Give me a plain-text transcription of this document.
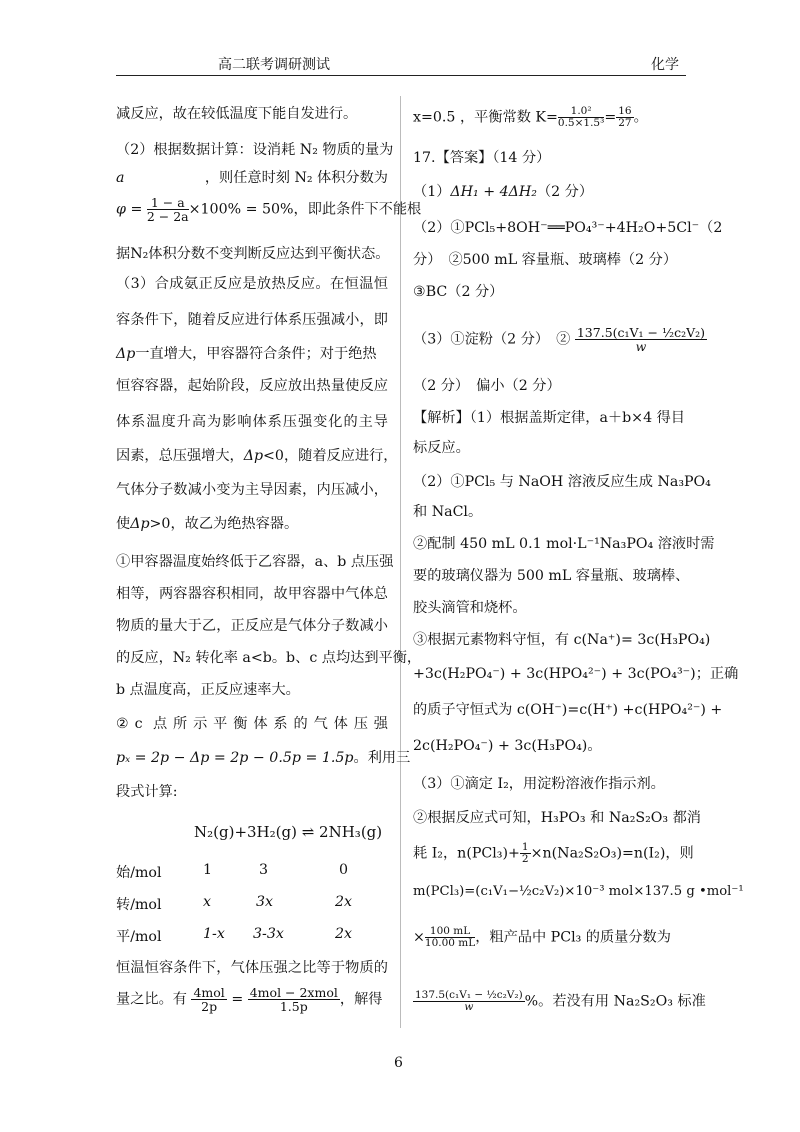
高二联考调研测试	化学
减反应，故在较低温度下能自发进行。
（2）根据数据计算：设消耗 N₂ 物质的量为
a	，则任意时刻 N₂ 体积分数为
$\varphi = \frac{1 - a}{2 - 2a} \times 100\% = 50\%$，即此条件下不能根
据N₂体积分数不变判断反应达到平衡状态。
（3）合成氨正反应是放热反应。在恒温恒
容条件下，随着反应进行体系压强减小，即
Δp一直增大，甲容器符合条件；对于绝热
恒容容器，起始阶段，反应放出热量使反应
体系温度升高为影响体系压强变化的主导
因素，总压强增大，Δp<0，随着反应进行，
气体分子数减小变为主导因素，内压减小，
使Δp>0，故乙为绝热容器。
①甲容器温度始终低于乙容器，a、b 点压强
相等，两容器容积相同，故甲容器中气体总
物质的量大于乙，正反应是气体分子数减小
的反应，N₂ 转化率 a<b。b、c 点均达到平衡，
b 点温度高，正反应速率大。
②c 点所示平衡体系的气体压强
pₓ = 2p − Δp = 2p − 0.5p = 1.5p。利用三
段式计算:
N₂(g)+3H₂(g) ⇌ 2NH₃(g)
始/mol	1	3	0
转/mol	x	3x	2x
平/mol	1-x 3-3x	2x
恒温恒容条件下，气体压强之比等于物质的
量之比。有 $\frac{\text{4mol}}{2p} = \frac{\text{4mol − 2xmol}}{1.5p}$ ，解得
x=0.5 ，平衡常数 $K= \frac{\text{1.0²}}{\text{0.5×1.5³}} = \frac{16}{27}$ 。
17.【答案】（14 分）
（1）ΔH₁ + 4ΔH₂（2 分）
（2）①PCl₅+8OH⁻══PO₄³⁻+4H₂O+5Cl⁻（2
分）　②500 mL 容量瓶、玻璃棒（2 分）
③BC（2 分）
（3）①淀粉（2 分）　② $\frac{\text{137.5(c₁V₁ − ½c₂V₂)}}{w}$
（2 分）　偏小（2 分）
【解析】（1）根据盖斯定律，a＋b×4 得目
标反应。
（2）①PCl₅ 与 NaOH 溶液反应生成 Na₃PO₄
和 NaCl。
②配制 450 mL 0.1 mol·L⁻¹Na₃PO₄ 溶液时需
要的玻璃仪器为 500 mL 容量瓶、玻璃棒、
胶头滴管和烧杯。
③根据元素物料守恒，有 c(Na⁺)= 3c(H₃PO₄)
+3c(H₂PO₄⁻) + 3c(HPO₄²⁻) + 3c(PO₄³⁻)；正确
的质子守恒式为 c(OH⁻)=c(H⁺) +c(HPO₄²⁻) +
2c(H₂PO₄⁻) + 3c(H₃PO₄)。
（3）①滴定 I₂，用淀粉溶液作指示剂。
②根据反应式可知，H₃PO₃ 和 Na₂S₂O₃ 都消
耗 I₂，$n(PCl_3)+ \frac{1}{2} \times n(Na_2S_2O_3)=n(I_2)$，则
m(PCl₃)=(c₁V₁−½c₂V₂)×10⁻³ mol×137.5 g •mol⁻¹
× $\frac{100 mL}{10.00 mL}$ ，粗产品中 PCl₃ 的质量分数为
$\frac{\text{137.5(c₁V₁ − ½c₂V₂)}}{w}$ %。若没有用 Na₂S₂O₃ 标准
6
